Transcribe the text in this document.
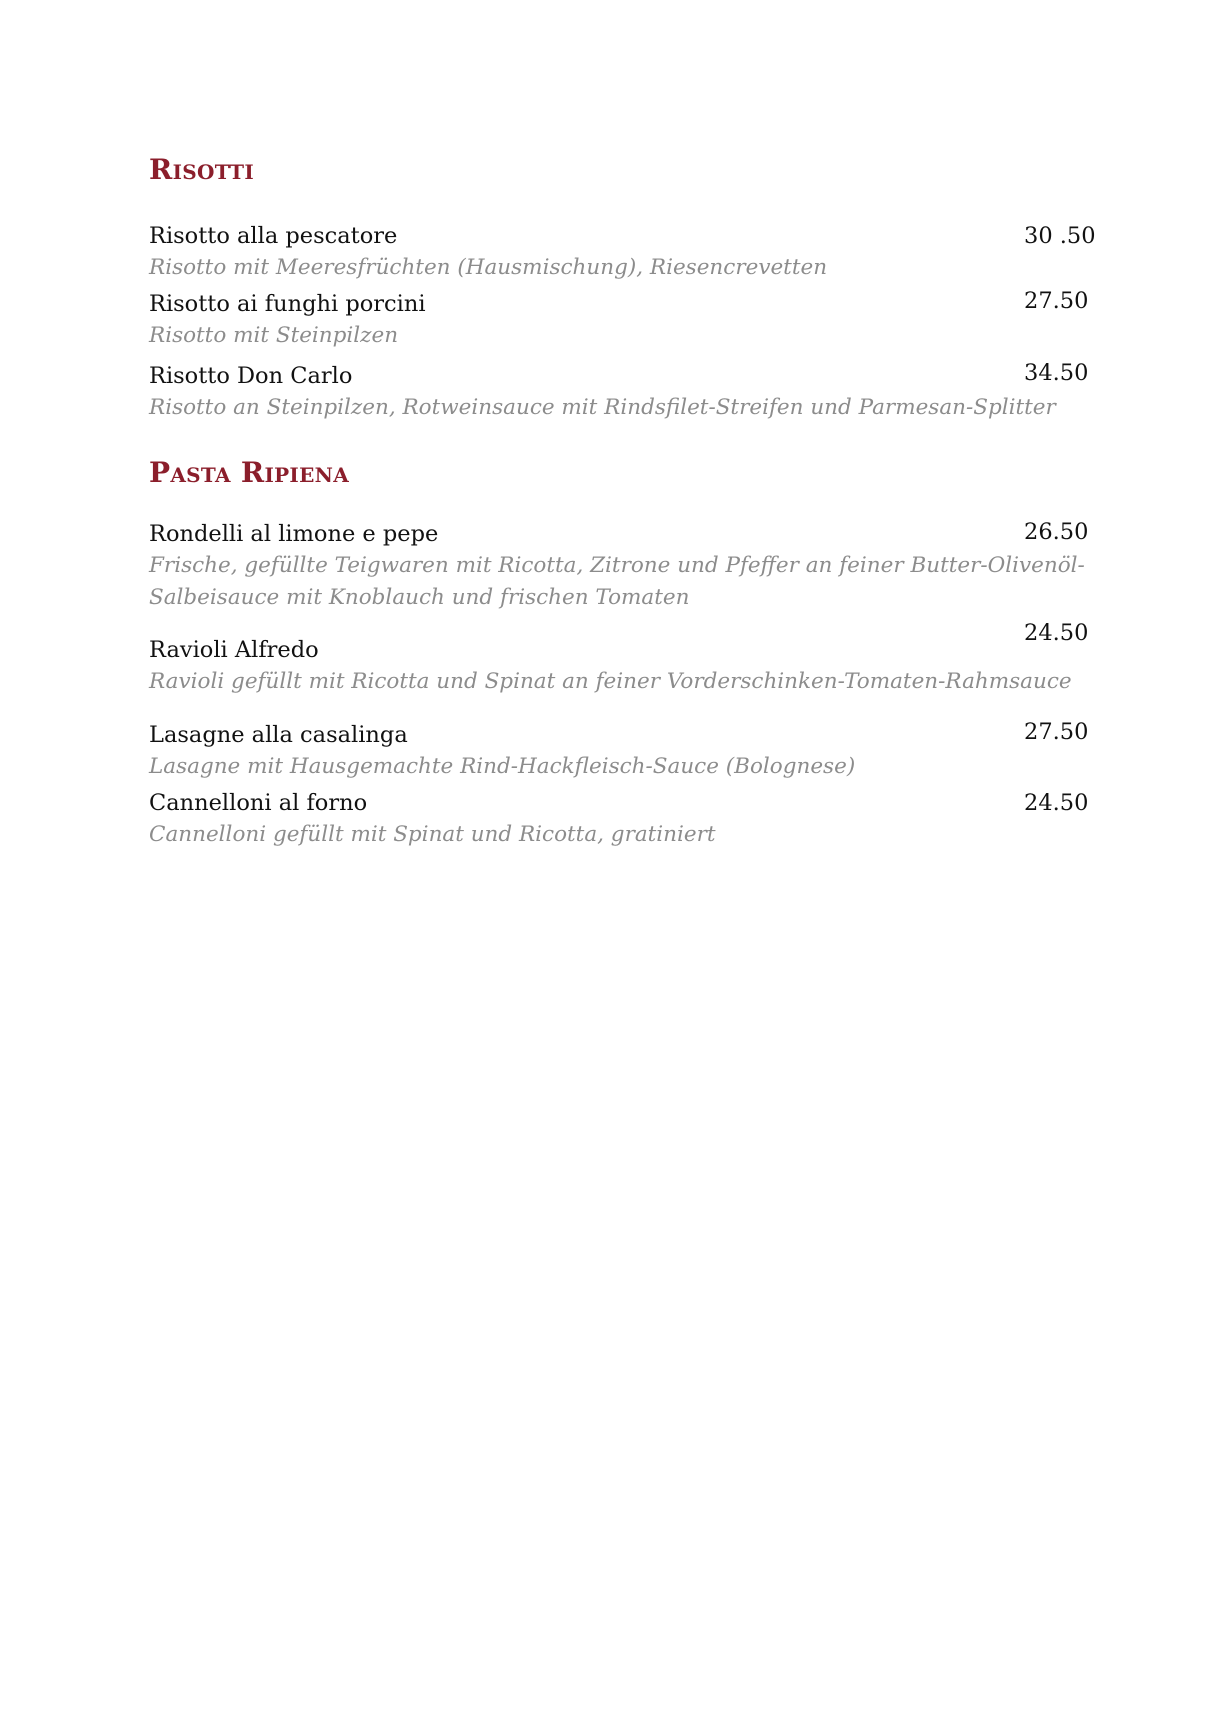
Risotti
Risotto alla pescatore
Risotto mit Meeresfrüchten (Hausmischung), Riesencrevetten
30 .50
Risotto ai funghi porcini
Risotto mit Steinpilzen
27.50
Risotto Don Carlo
Risotto an Steinpilzen, Rotweinsauce mit Rindsfilet-Streifen und Parmesan-Splitter
34.50
Pasta Ripiena
Rondelli al limone e pepe
Frische, gefüllte Teigwaren mit Ricotta, Zitrone und Pfeffer an feiner Butter-Olivenöl-
Salbeisauce mit Knoblauch und frischen Tomaten
26.50
Ravioli Alfredo
Ravioli gefüllt mit Ricotta und Spinat an feiner Vorderschinken-Tomaten-Rahmsauce
24.50
Lasagne alla casalinga
Lasagne mit Hausgemachte Rind-Hackfleisch-Sauce (Bolognese)
27.50
Cannelloni al forno
Cannelloni gefüllt mit Spinat und Ricotta, gratiniert
24.50
